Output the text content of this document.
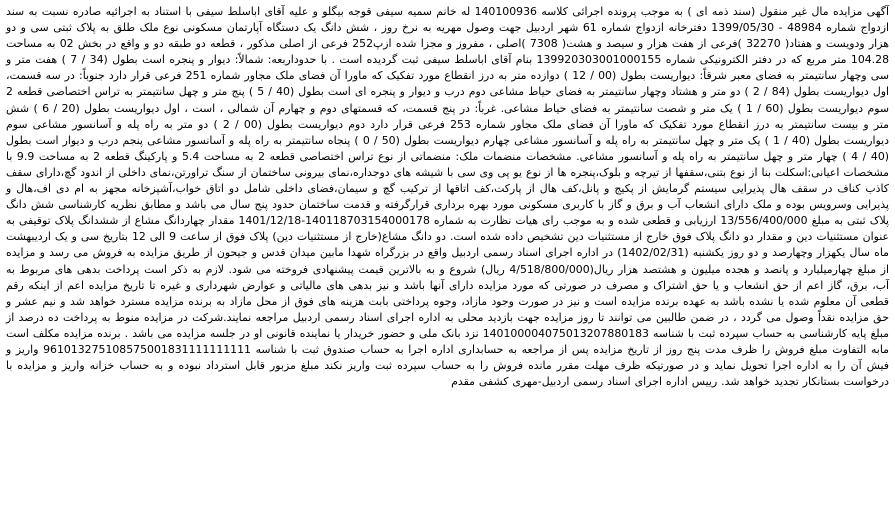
آگهی مزایده مال غیر منقول (سند ذمه ای ) به موجب پرونده اجرائی کلاسه 140100936 له خانم سمیه سیفی قوجه بیگلو و علیه آقای اباسلط سیفی با استناد به اجرائیه صادره نسبت به سند ازدواج شماره 48984 - 1399/05/30 دفترخانه ازدواج شماره 61 شهر اردبیل جهت وصول مهریه به نرخ روز ، شش دانگ یک دستگاه آپارتمان مسکونی نوع ملک طلق به پلاک ثبتی سی و دو هزار ودویست و هفتاد( 32270 )فرعی از هفت هزار و سیصد و هشت( 7308 )اصلی ، مفروز و مجزا شده ازپ252 فرعی از اصلی مذکور ، قطعه دو طبقه دو و واقع در بخش 02 به مساحت 104.28 متر مربع که در دفتر الکترونیکی شماره 139920303001000155 بنام آقای اباسلط سیفی ثبت گردیده است . با حدوداربعه: شمالاً: دیوار و پنجره است بطول (34 / 7 ) هفت متر و سی وچهار سانتیمتر به فضای معبر شرقاً: دیواریست بطول (00 / 12 ) دوازده متر به درز انقطاع مورد تفکیک که ماورا آن فضای ملک مجاور شماره 251 فرعی قرار دارد جنوباً: در سه قسمت، اول دیواریست بطول (84 / 2 ) دو متر و هشتاد وچهار سانتیمتر به فضای حیاط مشاعی دوم درب و دیوار و پنجره ای است بطول (40 / 5 ) پنج متر و چهل سانتیمتر به تراس اختصاصی قطعه 2 سوم دیواریست بطول (60 / 1 ) یک متر و شصت سانتیمتر به فضای حیاط مشاعی. غرباً: در پنج قسمت، که قسمتهای دوم و چهارم آن شمالی ، است ، اول دیواریست بطول (20 / 6 ) شش متر و بیست سانتیمتر به درز انقطاع مورد تفکیک که ماورا آن فضای ملک مجاور شماره 253 فرعی قرار دارد دوم دیواریست بطول (00 / 2 ) دو متر به راه پله و آسانسور مشاعی سوم دیواریست بطول (40 / 1 ) یک متر و چهل سانتیمتر به راه پله و آسانسور مشاعی چهارم دیواریست بطول (50 / 0 ) پنجاه سانتیمتر به راه پله و آسانسور مشاعی پنجم درب و دیوار است بطول (40 / 4 ) چهار متر و چهل سانتیمتر به راه پله و آسانسور مشاعی. مشخصات منضمات ملک: منضماتی از نوع تراس اختصاصی قطعه 2 به مساحت 5.4 و پارکینگ قطعه 2 به مساحت 9.9 با مشخصات اعیانی:اسکلت بنا از نوع بتنی،سقفها از تیرچه و بلوک،پنجره ها از نوع یو پی وی سی با شیشه های دوجداره،نمای بیرونی ساختمان از سنگ تراورتن،نمای داخلی از اندود گچ،دارای سقف کاذب کناف در سقف هال پذیرایی سیستم گرمایش از پکیج و پانل،کف هال از پارکت،کف اتاقها از ترکیب گچ و سیمان،فضای داخلی شامل دو اتاق خواب،آشپزخانه مجهز به ام دی اف،هال و پذیرایی وسرویس بوده و ملک دارای انشعاب آب و برق و گاز با کاربری مسکونی مورد بهره برداری قرارگرفته و قدمت ساختمان حدود پنج سال می باشد و مطابق نظریه کارشناسی شش دانگ پلاک ثبتی به مبلغ 13/556/400/000 ارزیابی و قطعی شده و به موجب رای هیات نظارت به شماره 140118703154000178-1401/12/18 مقدار چهاردانگ مشاع از ششدانگ پلاک توقیفی به عنوان مستثنیات دین و مقدار دو دانگ پلاک فوق خارج از مستثنیات دین تشخیص داده شده است. دو دانگ مشاع(خارج از مستثنیات دین) پلاک فوق از ساعت 9 الی 12 بتاریخ سی و یک اردیبهشت ماه سال یکهزار وچهارصد و دو روز یکشنبه (1402/02/31) در اداره اجرای اسناد رسمی اردبیل واقع در بزرگراه شهدا مابین میدان قدس و جیحون از طریق مزایده به فروش می رسد و مزایده از مبلغ چهارمیلیارد و پانصد و هجده میلیون و هشتصد هزار ریال(4/518/800/000 ریال) شروع و به بالاترین قیمت پیشنهادی فروخته می شود. لازم به ذکر است پرداخت بدهی های مربوط به آب، برق، گاز اعم از حق انشعاب و یا حق اشتراک و مصرف در صورتی که مورد مزایده دارای آنها باشد و نیز بدهی های مالیاتی و عوارض شهرداری و غیره تا تاریخ مزایده اعم از اینکه رقم قطعی آن معلوم شده یا نشده باشد به عهده برنده مزایده است و نیز در صورت وجود مازاد، وجوه پرداختی بابت هزینه های فوق از محل مازاد به برنده مزایده مسترد خواهد شد و نیم عشر و حق مزایده نقداً وصول می گردد ، در ضمن طالبین می توانند تا روز مزایده جهت بازدید محلی به اداره اجرای اسناد رسمی اردبیل مراجعه نمایند.شرکت در مزایده منوط به پرداخت ده درصد از مبلغ پایه کارشناسی به حساب سپرده ثبت با شناسه 140100004075013207880183 نزد بانک ملی و حضور خریدار یا نماینده قانونی او در جلسه مزایده می باشد . برنده مزایده مکلف است مابه التفاوت مبلغ فروش را ظرف مدت پنج روز از تاریخ مزایده پس از مراجعه به حسابداری اداره اجرا به حساب صندوق ثبت با شناسه 961013275108575001831111111111 واریز و فیش آن را به اداره اجرا تحویل نماید و در صورتیکه ظرف مهلت مقرر مانده فروش را به حساب سپرده ثبت واریز نکند مبلغ مزبور قابل استرداد نبوده و به حساب خزانه واریز و مزایده با درخواست بستانکار تجدید خواهد شد. رییس اداره اجرای اسناد رسمی اردبیل-مهری کشفی مقدم
